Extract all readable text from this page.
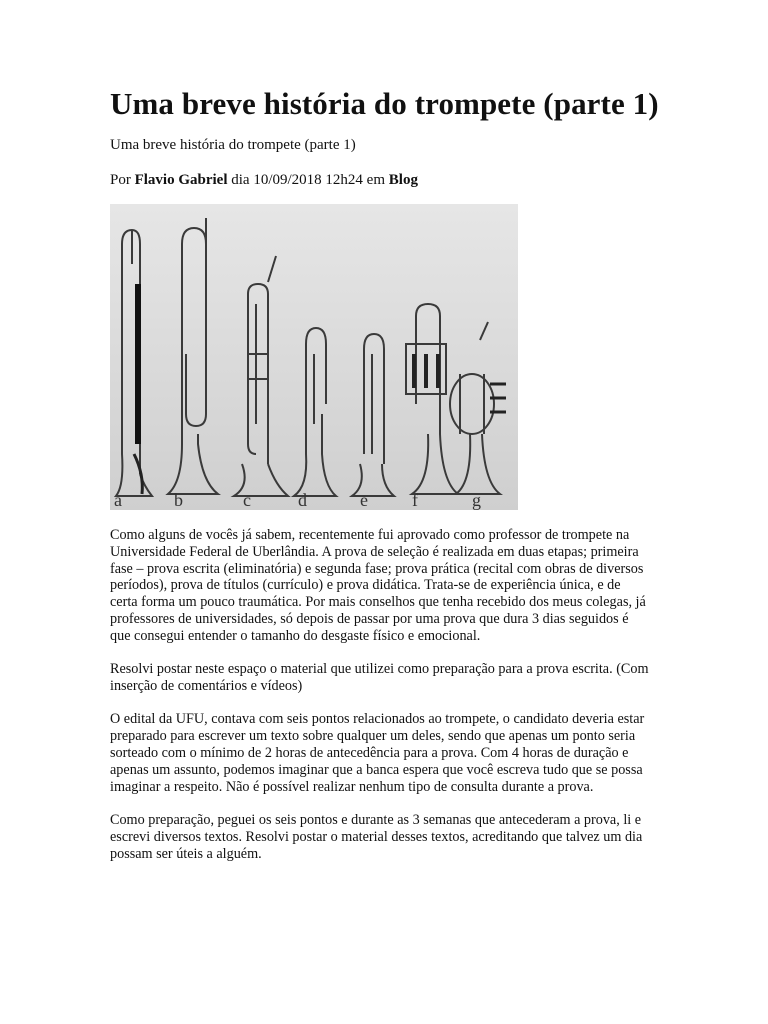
Uma breve história do trompete (parte 1)
Uma breve história do trompete (parte 1)
Por Flavio Gabriel dia 10/09/2018 12h24 em Blog
a	b	c	d	e f	g

Como alguns de vocês já sabem, recentemente fui aprovado como professor de trompete na Universidade Federal de Uberlândia. A prova de seleção é realizada em duas etapas; primeira fase – prova escrita (eliminatória) e segunda fase; prova prática (recital com obras de diversos períodos), prova de títulos (currículo) e prova didática. Trata-se de experiência única, e de certa forma um pouco traumática. Por mais conselhos que tenha recebido dos meus colegas, já professores de universidades, só depois de passar por uma prova que dura 3 dias seguidos é que consegui entender o tamanho do desgaste físico e emocional.

Resolvi postar neste espaço o material que utilizei como preparação para a prova escrita. (Com inserção de comentários e vídeos)

O edital da UFU, contava com seis pontos relacionados ao trompete, o candidato deveria estar preparado para escrever um texto sobre qualquer um deles, sendo que apenas um ponto seria sorteado com o mínimo de 2 horas de antecedência para a prova. Com 4 horas de duração e apenas um assunto, podemos imaginar que a banca espera que você escreva tudo que se possa imaginar a respeito. Não é possível realizar nenhum tipo de consulta durante a prova.

Como preparação, peguei os seis pontos e durante as 3 semanas que antecederam a prova, li e escrevi diversos textos. Resolvi postar o material desses textos, acreditando que talvez um dia possam ser úteis a alguém.
